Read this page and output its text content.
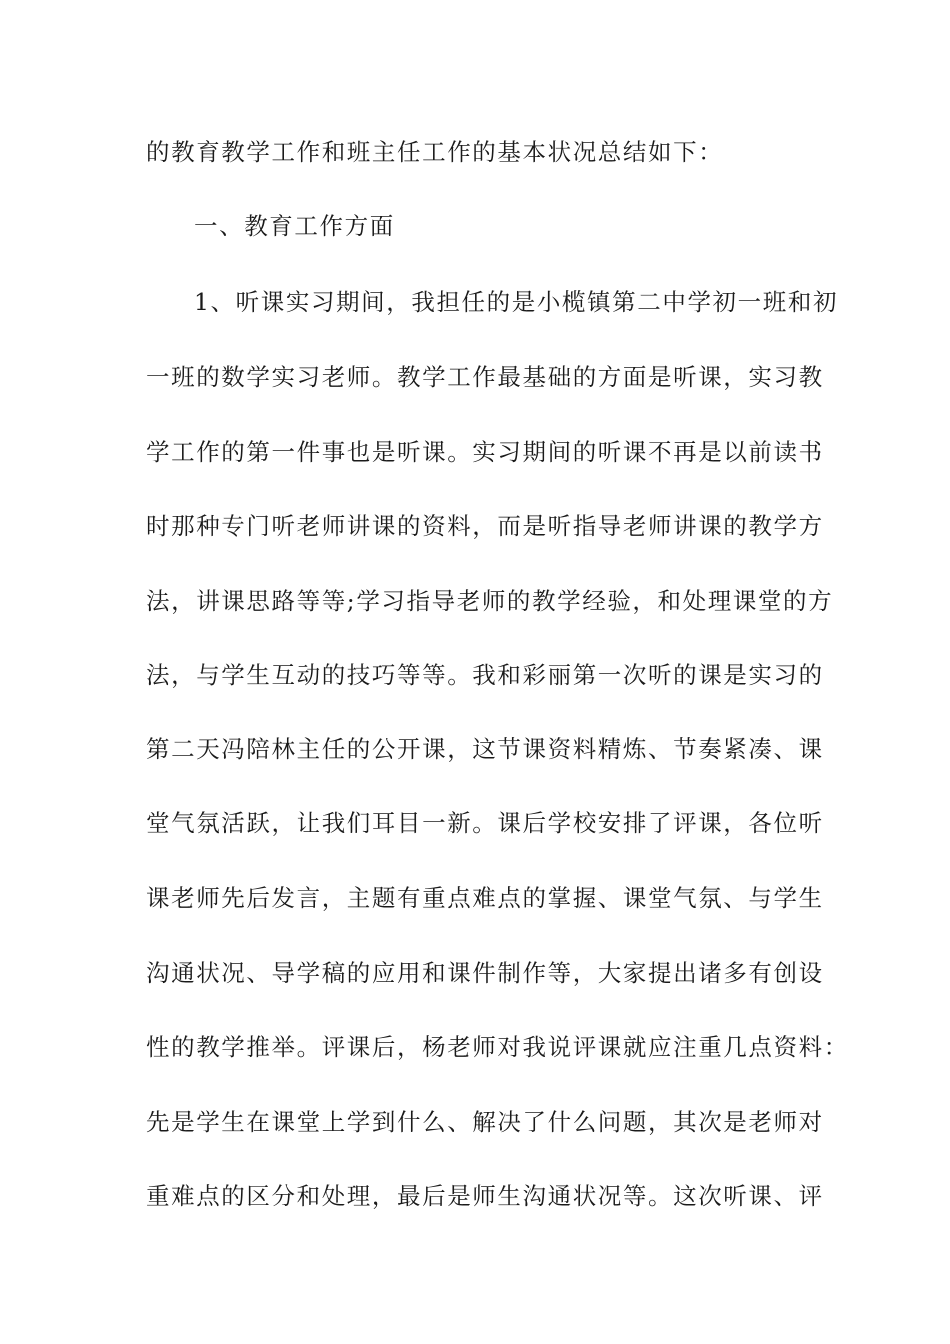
的教育教学工作和班主任工作的基本状况总结如下：
一、教育工作方面
1、听课实习期间，我担任的是小榄镇第二中学初一班和初
一班的数学实习老师。教学工作最基础的方面是听课，实习教
学工作的第一件事也是听课。实习期间的听课不再是以前读书
时那种专门听老师讲课的资料，而是听指导老师讲课的教学方
法，讲课思路等等;学习指导老师的教学经验，和处理课堂的方
法，与学生互动的技巧等等。我和彩丽第一次听的课是实习的
第二天冯陪林主任的公开课，这节课资料精炼、节奏紧凑、课
堂气氛活跃，让我们耳目一新。课后学校安排了评课，各位听
课老师先后发言，主题有重点难点的掌握、课堂气氛、与学生
沟通状况、导学稿的应用和课件制作等，大家提出诸多有创设
性的教学推举。评课后，杨老师对我说评课就应注重几点资料：
先是学生在课堂上学到什么、解决了什么问题，其次是老师对
重难点的区分和处理，最后是师生沟通状况等。这次听课、评
